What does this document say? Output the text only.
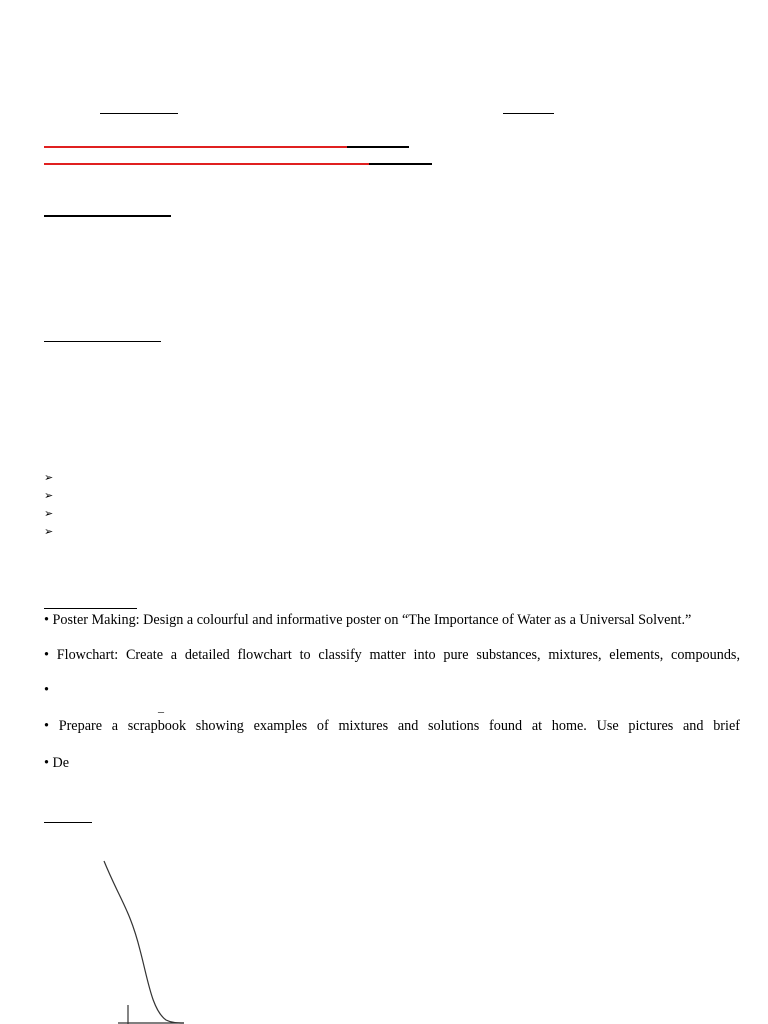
➢
➢
➢
➢
• Poster Making: Design a colourful and informative poster on “The Importance of Water as a Universal Solvent.”
• Flowchart: Create a detailed flowchart to classify matter into pure substances, mixtures, elements, compounds,
•
_
• Prepare a scrapbook showing examples of mixtures and solutions found at home. Use pictures and brief
• De
